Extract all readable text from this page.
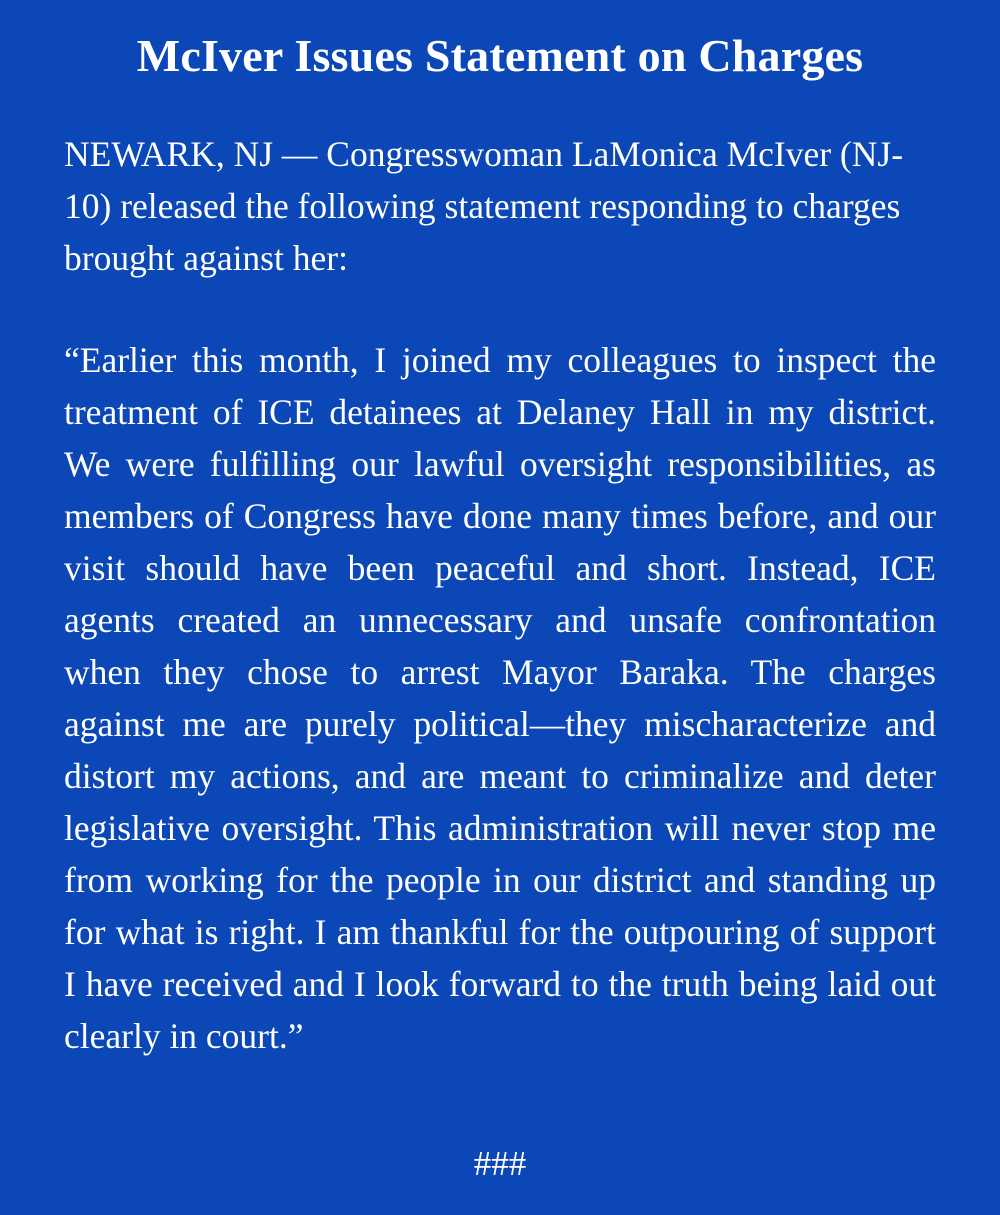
McIver Issues Statement on Charges

NEWARK, NJ — Congresswoman LaMonica McIver (NJ-10) released the following statement responding to charges brought against her:

“Earlier this month, I joined my colleagues to inspect the treatment of ICE detainees at Delaney Hall in my district. We were fulfilling our lawful oversight responsibilities, as members of Congress have done many times before, and our visit should have been peaceful and short. Instead, ICE agents created an unnecessary and unsafe confrontation when they chose to arrest Mayor Baraka. The charges against me are purely political—they mischaracterize and distort my actions, and are meant to criminalize and deter legislative oversight. This administration will never stop me from working for the people in our district and standing up for what is right. I am thankful for the outpouring of support I have received and I look forward to the truth being laid out clearly in court.”

###
